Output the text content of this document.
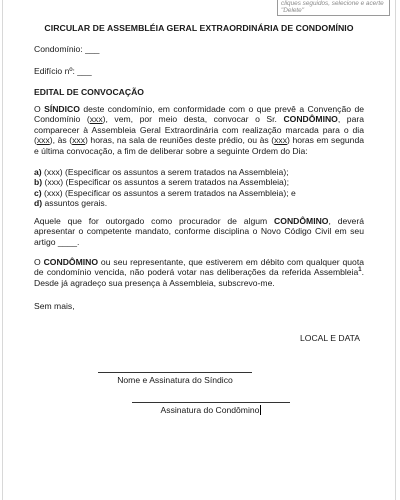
cliques seguidos, selecione e acerte "Delete"
CIRCULAR DE ASSEMBLÉIA GERAL EXTRAORDINÁRIA DE CONDOMÍNIO
Condomínio: ___
Edifício nº: ___
EDITAL DE CONVOCAÇÃO
O SÍNDICO deste condomínio, em conformidade com o que prevê a Convenção de Condomínio (xxx), vem, por meio desta, convocar o Sr. CONDÔMINO, para comparecer à Assembleia Geral Extraordinária com realização marcada para o dia (xxx), às (xxx) horas, na sala de reuniões deste prédio, ou às (xxx) horas em segunda e última convocação, a fim de deliberar sobre a seguinte Ordem do Dia:
a) (xxx) (Especificar os assuntos a serem tratados na Assembleia);
b) (xxx) (Especificar os assuntos a serem tratados na Assembleia);
c) (xxx) (Especificar os assuntos a serem tratados na Assembleia); e
d) assuntos gerais.
Aquele que for outorgado como procurador de algum CONDÔMINO, deverá apresentar o competente mandato, conforme disciplina o Novo Código Civil em seu artigo ____.
O CONDÔMINO ou seu representante, que estiverem em débito com qualquer quota de condomínio vencida, não poderá votar nas deliberações da referida Assembleia$^1$. Desde já agradeço sua presença à Assembleia, subscrevo-me.
Sem mais,
LOCAL E DATA
Nome e Assinatura do Síndico
Assinatura do Condômino
